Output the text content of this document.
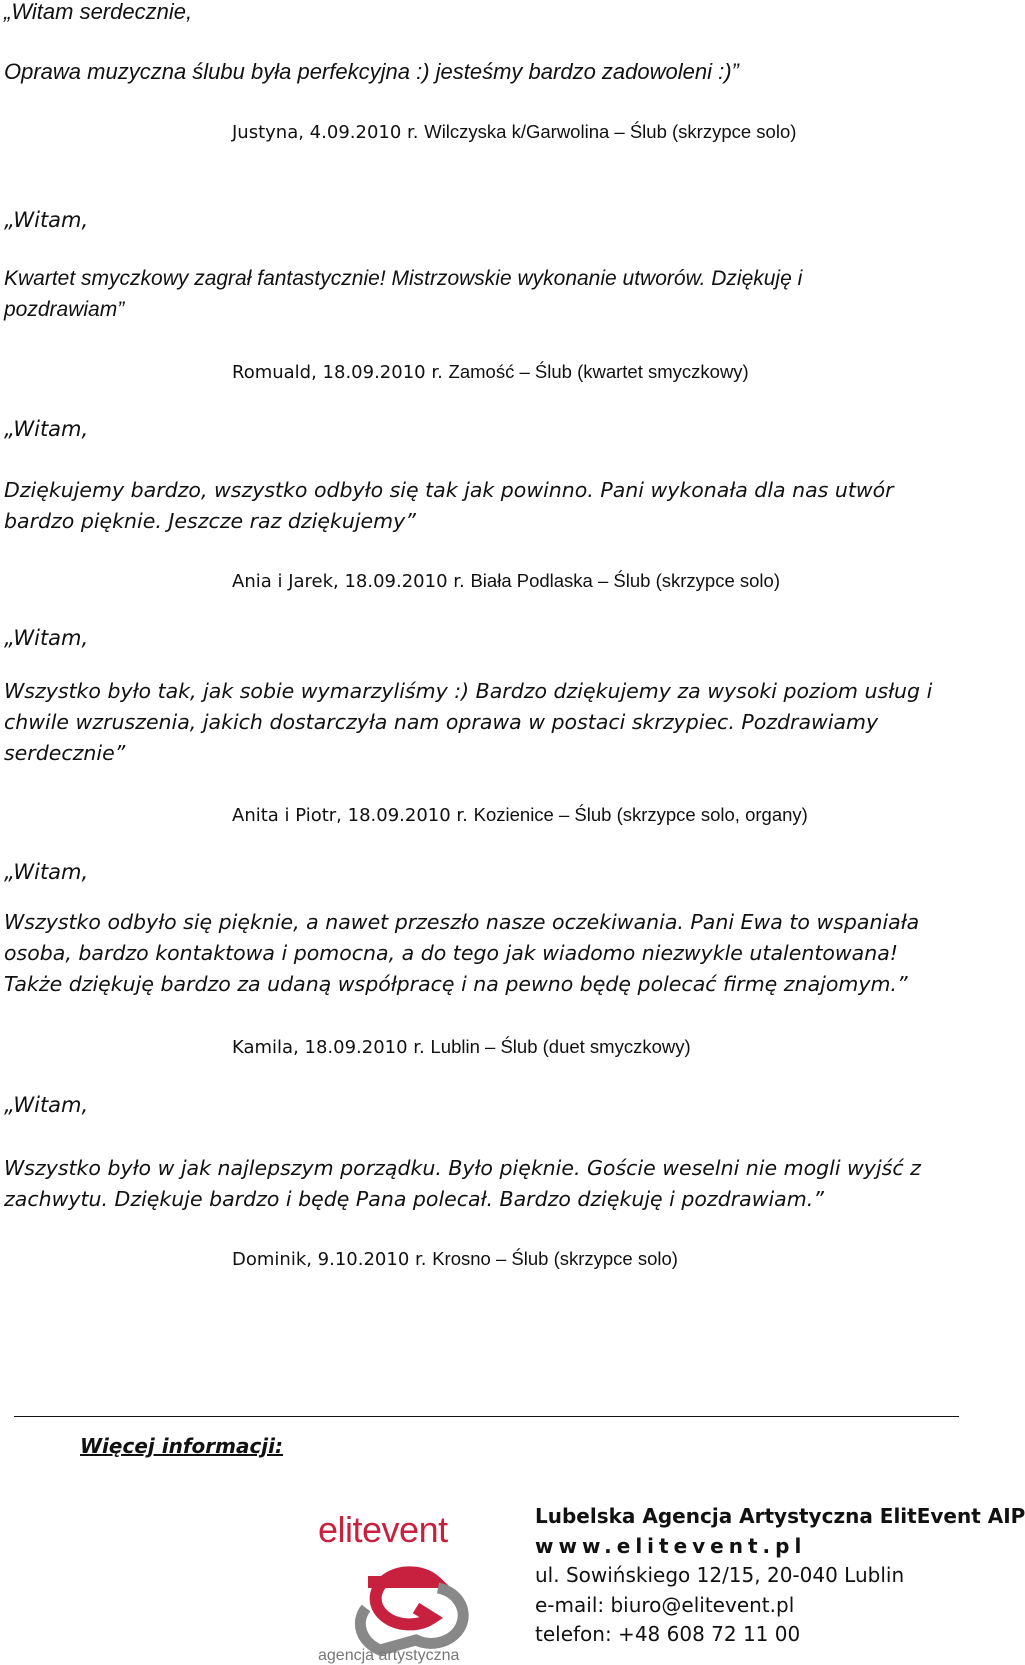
„Witam serdecznie,
Oprawa muzyczna ślubu była perfekcyjna :) jesteśmy bardzo zadowoleni :)”
Justyna, 4.09.2010 r. Wilczyska k/Garwolina – Ślub (skrzypce solo)
„Witam,
Kwartet smyczkowy zagrał fantastycznie! Mistrzowskie wykonanie utworów. Dziękuję i pozdrawiam”
Romuald, 18.09.2010 r. Zamość – Ślub (kwartet smyczkowy)
„Witam,
Dziękujemy bardzo, wszystko odbyło się tak jak powinno. Pani wykonała dla nas utwór bardzo pięknie. Jeszcze raz dziękujemy”
Ania i Jarek, 18.09.2010 r. Biała Podlaska – Ślub (skrzypce solo)
„Witam,
Wszystko było tak, jak sobie wymarzyliśmy :) Bardzo dziękujemy za wysoki poziom usług i chwile wzruszenia, jakich dostarczyła nam oprawa w postaci skrzypiec. Pozdrawiamy serdecznie”
Anita i Piotr, 18.09.2010 r. Kozienice – Ślub (skrzypce solo, organy)
„Witam,
Wszystko odbyło się pięknie, a nawet przeszło nasze oczekiwania. Pani Ewa to wspaniała osoba, bardzo kontaktowa i pomocna, a do tego jak wiadomo niezwykle utalentowana! Także dziękuję bardzo za udaną współpracę i na pewno będę polecać firmę znajomym.”
Kamila, 18.09.2010 r. Lublin – Ślub (duet smyczkowy)
„Witam,
Wszystko było w jak najlepszym porządku. Było pięknie. Goście weselni nie mogli wyjść z zachwytu. Dziękuje bardzo i będę Pana polecał. Bardzo dziękuję i pozdrawiam.”
Dominik, 9.10.2010 r. Krosno – Ślub (skrzypce solo)
Więcej informacji:
elitevent
agencja artystyczna
Lubelska Agencja Artystyczna ElitEvent AIP
www.elitevent.pl
ul. Sowińskiego 12/15, 20-040 Lublin
e-mail: biuro@elitevent.pl
telefon: +48 608 72 11 00
